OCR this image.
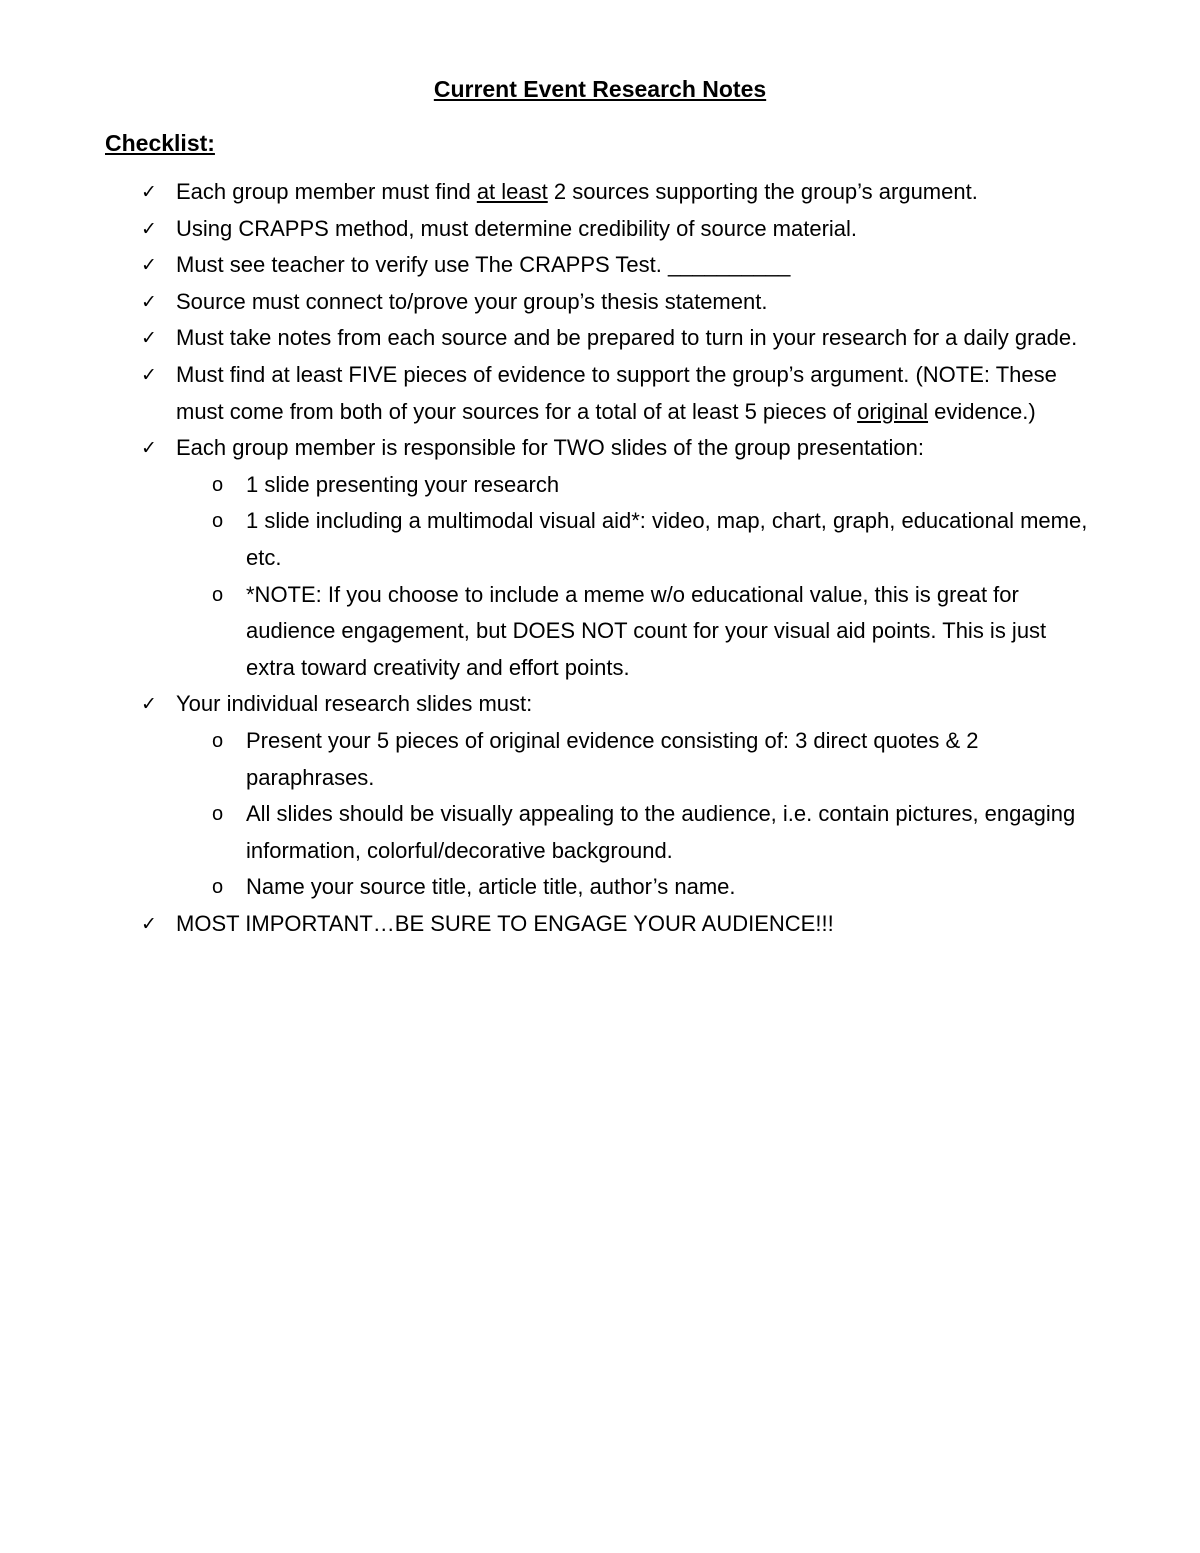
Current Event Research Notes
Checklist:
✓ Each group member must find at least 2 sources supporting the group’s argument.
✓ Using CRAPPS method, must determine credibility of source material.
✓ Must see teacher to verify use The CRAPPS Test. __________
✓ Source must connect to/prove your group’s thesis statement.
✓ Must take notes from each source and be prepared to turn in your research for a daily grade.
✓ Must find at least FIVE pieces of evidence to support the group’s argument. (NOTE: These must come from both of your sources for a total of at least 5 pieces of original evidence.)
✓ Each group member is responsible for TWO slides of the group presentation:
o 1 slide presenting your research
o 1 slide including a multimodal visual aid*: video, map, chart, graph, educational meme, etc.
o *NOTE: If you choose to include a meme w/o educational value, this is great for audience engagement, but DOES NOT count for your visual aid points. This is just extra toward creativity and effort points.
✓ Your individual research slides must:
o Present your 5 pieces of original evidence consisting of: 3 direct quotes & 2 paraphrases.
o All slides should be visually appealing to the audience, i.e. contain pictures, engaging information, colorful/decorative background.
o Name your source title, article title, author’s name.
✓ MOST IMPORTANT…BE SURE TO ENGAGE YOUR AUDIENCE!!!
